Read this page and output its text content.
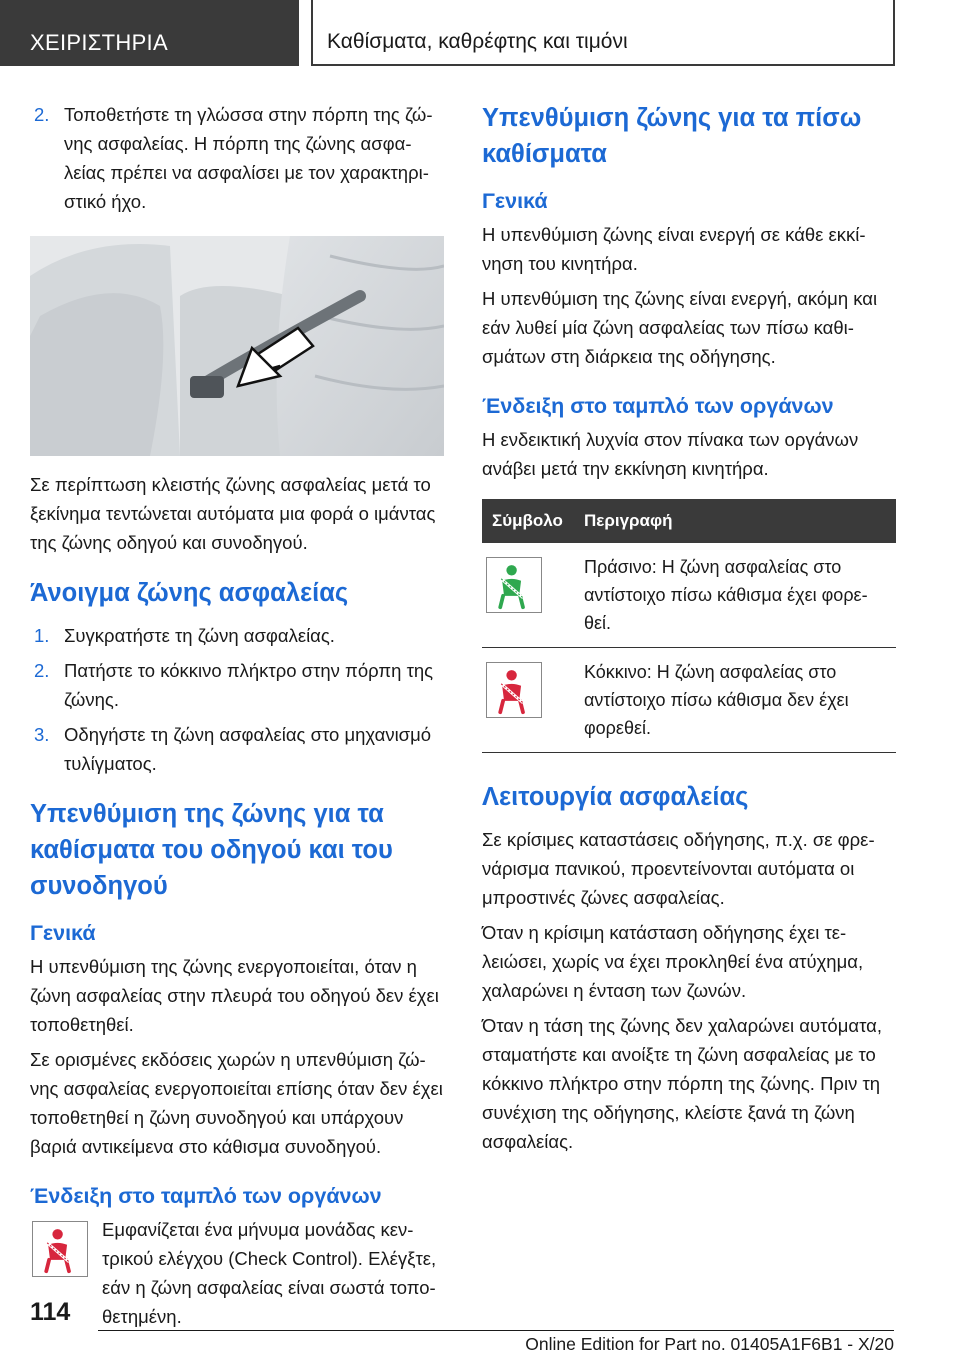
ΧΕΙΡΙΣΤΗΡΙΑ	Καθίσματα, καθρέφτης και τιμόνι
2. Τοποθετήστε τη γλώσσα στην πόρπη της ζώνης ασφαλείας. Η πόρπη της ζώνης ασφαλείας πρέπει να ασφαλίσει με τον χαρακτηριστικό ήχο.

Σε περίπτωση κλειστής ζώνης ασφαλείας μετά το ξεκίνημα τεντώνεται αυτόματα μια φορά ο ιμάντας της ζώνης οδηγού και συνοδηγού.

Άνοιγμα ζώνης ασφαλείας
1. Συγκρατήστε τη ζώνη ασφαλείας.
2. Πατήστε το κόκκινο πλήκτρο στην πόρπη της ζώνης.
3. Οδηγήστε τη ζώνη ασφαλείας στο μηχανισμό τυλίγματος.
Υπενθύμιση της ζώνης για τα καθίσματα του οδηγού και του συνοδηγού
Γενικά

Η υπενθύμιση της ζώνης ενεργοποιείται, όταν η ζώνη ασφαλείας στην πλευρά του οδηγού δεν έχει τοποθετηθεί.

Σε ορισμένες εκδόσεις χωρών η υπενθύμιση ζώνης ασφαλείας ενεργοποιείται επίσης όταν δεν έχει τοποθετηθεί η ζώνη συνοδηγού και υπάρχουν βαριά αντικείμενα στο κάθισμα συνοδηγού.

Ένδειξη στο ταμπλό των οργάνων
Εμφανίζεται ένα μήνυμα μονάδας κεντρικού ελέγχου (Check Control). Ελέγξτε, εάν η ζώνη ασφαλείας είναι σωστά τοποθετημένη.
Υπενθύμιση ζώνης για τα πίσω καθίσματα
Γενικά

Η υπενθύμιση ζώνης είναι ενεργή σε κάθε εκκίνηση του κινητήρα.

Η υπενθύμιση της ζώνης είναι ενεργή, ακόμη και εάν λυθεί μία ζώνη ασφαλείας των πίσω καθισμάτων στη διάρκεια της οδήγησης.

Ένδειξη στο ταμπλό των οργάνων

Η ενδεικτική λυχνία στον πίνακα των οργάνων ανάβει μετά την εκκίνηση κινητήρα.

Σύμβολο	Περιγραφή
	Πράσινο: Η ζώνη ασφαλείας στο αντίστοιχο πίσω κάθισμα έχει φορεθεί.
	Κόκκινο: Η ζώνη ασφαλείας στο αντίστοιχο πίσω κάθισμα δεν έχει φορεθεί.
Λειτουργία ασφαλείας

Σε κρίσιμες καταστάσεις οδήγησης, π.χ. σε φρενάρισμα πανικού, προεντείνονται αυτόματα οι μπροστινές ζώνες ασφαλείας.

Όταν η κρίσιμη κατάσταση οδήγησης έχει τελειώσει, χωρίς να έχει προκληθεί ένα ατύχημα, χαλαρώνει η ένταση των ζωνών.

Όταν η τάση της ζώνης δεν χαλαρώνει αυτόματα, σταματήστε και ανοίξτε τη ζώνη ασφαλείας με το κόκκινο πλήκτρο στην πόρπη της ζώνης. Πριν τη συνέχιση της οδήγησης, κλείστε ξανά τη ζώνη ασφαλείας.

114
Online Edition for Part no. 01405A1F6B1 - X/20
